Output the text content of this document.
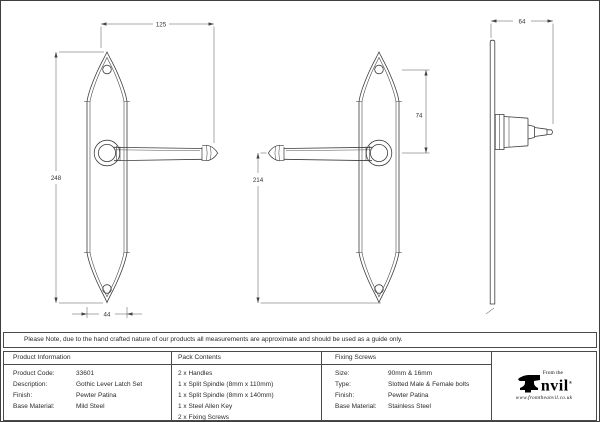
125
248
44
214
74
64
Please Note, due to the hand crafted nature of our products all measurements are approximate and should be used as a guide only.
Product Information
Product Code:	33601
Description:	Gothic Lever Latch Set
Finish:	Pewter Patina
Base Material:	Mild Steel
Pack Contents
2 x Handles
1 x Split Spindle (8mm x 110mm)
1 x Split Spindle (8mm x 140mm)
1 x Steel Allen Key
2 x Fixing Screws
Fixing Screws
Size:	90mm & 16mm
Type:	Slotted Male & Female bolts
Finish:	Pewter Patina
Base Material:	Stainless Steel
From the
nvil®
www.fromtheanvil.co.uk
